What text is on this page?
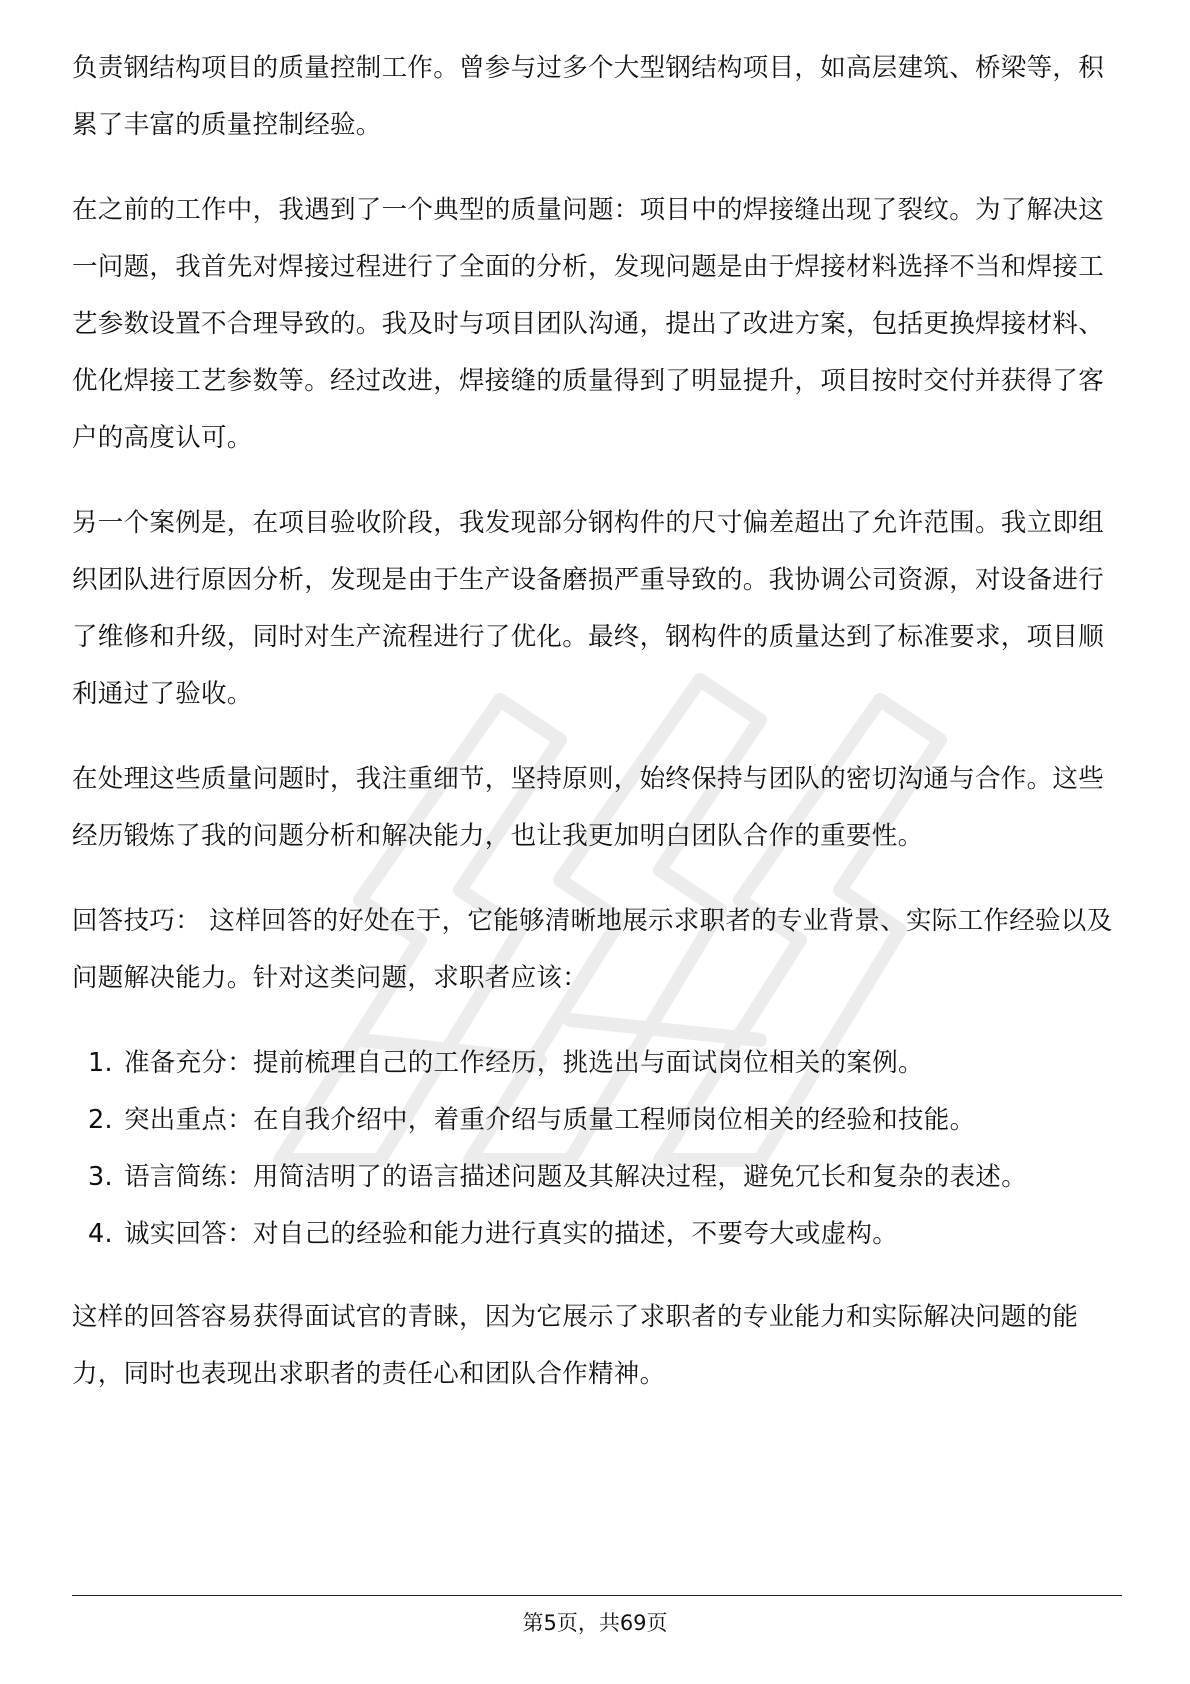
负责钢结构项目的质量控制工作。曾参与过多个大型钢结构项目，如高层建筑、桥梁等，积累了丰富的质量控制经验。

在之前的工作中，我遇到了一个典型的质量问题：项目中的焊接缝出现了裂纹。为了解决这一问题，我首先对焊接过程进行了全面的分析，发现问题是由于焊接材料选择不当和焊接工艺参数设置不合理导致的。我及时与项目团队沟通，提出了改进方案，包括更换焊接材料、优化焊接工艺参数等。经过改进，焊接缝的质量得到了明显提升，项目按时交付并获得了客户的高度认可。

另一个案例是，在项目验收阶段，我发现部分钢构件的尺寸偏差超出了允许范围。我立即组织团队进行原因分析，发现是由于生产设备磨损严重导致的。我协调公司资源，对设备进行了维修和升级，同时对生产流程进行了优化。最终，钢构件的质量达到了标准要求，项目顺利通过了验收。

在处理这些质量问题时，我注重细节，坚持原则，始终保持与团队的密切沟通与合作。这些经历锻炼了我的问题分析和解决能力，也让我更加明白团队合作的重要性。

回答技巧： 这样回答的好处在于，它能够清晰地展示求职者的专业背景、实际工作经验以及问题解决能力。针对这类问题，求职者应该：

1. 准备充分：提前梳理自己的工作经历，挑选出与面试岗位相关的案例。
2. 突出重点：在自我介绍中，着重介绍与质量工程师岗位相关的经验和技能。
3. 语言简练：用简洁明了的语言描述问题及其解决过程，避免冗长和复杂的表述。
4. 诚实回答：对自己的经验和能力进行真实的描述，不要夸大或虚构。

这样的回答容易获得面试官的青睐，因为它展示了求职者的专业能力和实际解决问题的能力，同时也表现出求职者的责任心和团队合作精神。

第5页，共69页
